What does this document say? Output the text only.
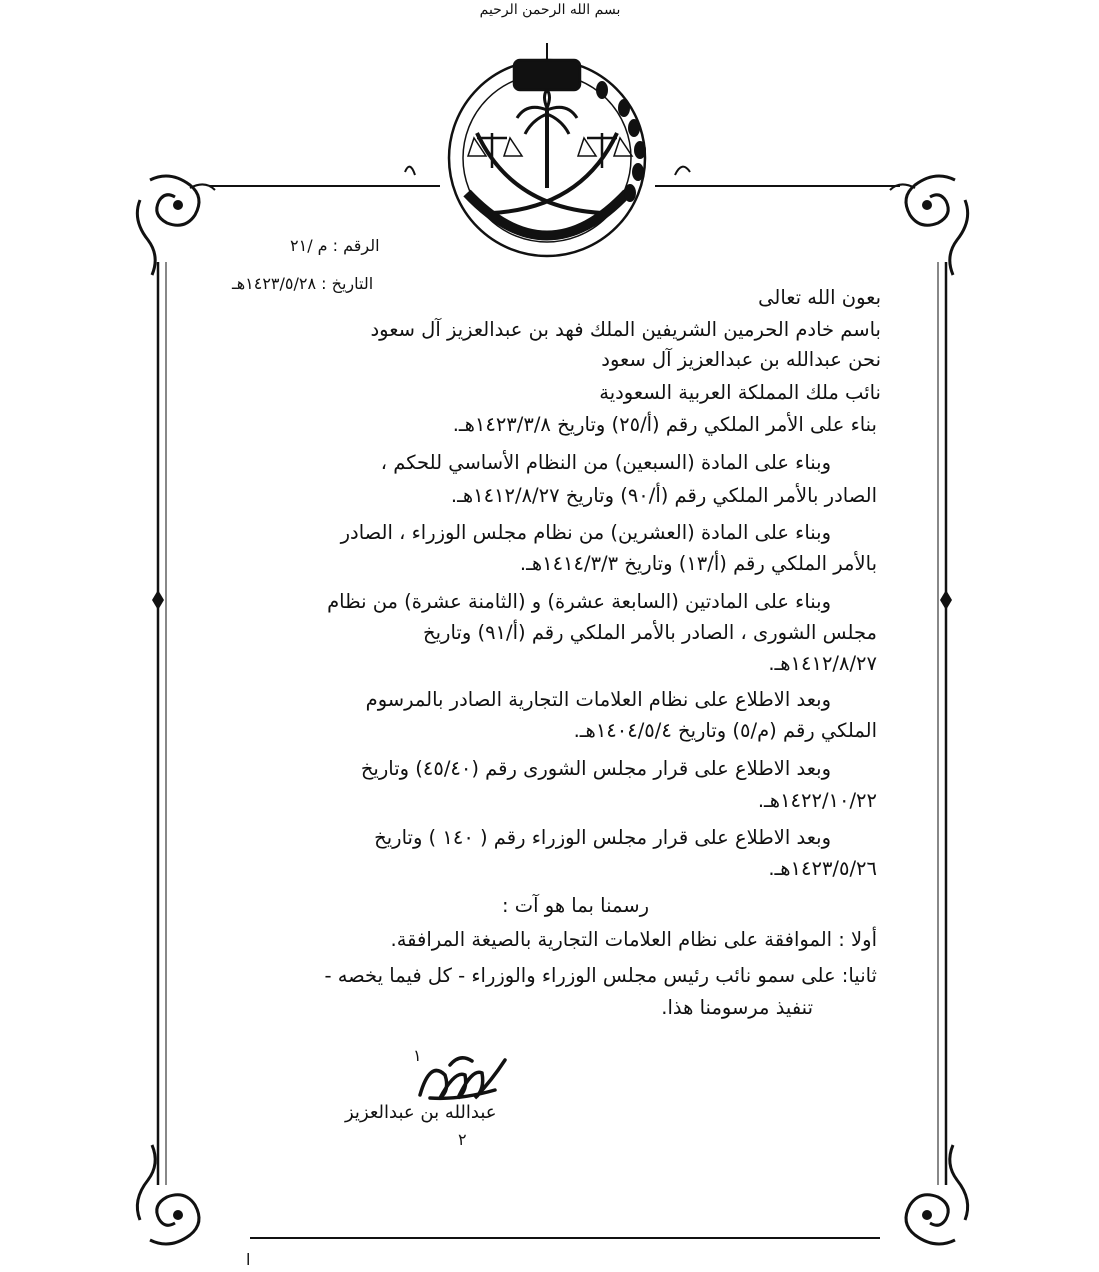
بسم الله الرحمن الرحيم
الرقم : م /٢١
التاريخ : ١٤٢٣/٥/٢٨هـ
بعون الله تعالى
باسم خادم الحرمين الشريفين الملك فهد بن عبدالعزيز آل سعود
نحن عبدالله بن عبدالعزيز آل سعود
نائب ملك المملكة العربية السعودية
بناء على الأمر الملكي رقم (أ/٢٥) وتاريخ ١٤٢٣/٣/٨هـ.
وبناء على المادة (السبعين) من النظام الأساسي للحكم ،
الصادر بالأمر الملكي رقم (أ/٩٠) وتاريخ ١٤١٢/٨/٢٧هـ.
وبناء على المادة (العشرين) من نظام مجلس الوزراء ، الصادر
بالأمر الملكي رقم (أ/١٣) وتاريخ ١٤١٤/٣/٣هـ.
وبناء على المادتين (السابعة عشرة) و (الثامنة عشرة) من نظام
مجلس الشورى ، الصادر بالأمر الملكي رقم (أ/٩١) وتاريخ
١٤١٢/٨/٢٧هـ.
وبعد الاطلاع على نظام العلامات التجارية الصادر بالمرسوم
الملكي رقم (م/٥) وتاريخ ١٤٠٤/٥/٤هـ.
وبعد الاطلاع على قرار مجلس الشورى رقم (٤٥/٤٠) وتاريخ
١٤٢٢/١٠/٢٢هـ.
وبعد الاطلاع على قرار مجلس الوزراء رقم ( ١٤٠ ) وتاريخ
١٤٢٣/٥/٢٦هـ.
رسمنا بما هو آت :
أولا : الموافقة على نظام العلامات التجارية بالصيغة المرافقة.
ثانيا: على سمو نائب رئيس مجلس الوزراء والوزراء - كل فيما يخصه -
تنفيذ مرسومنا هذا.
١
عبدالله بن عبدالعزيز
٢
ا
